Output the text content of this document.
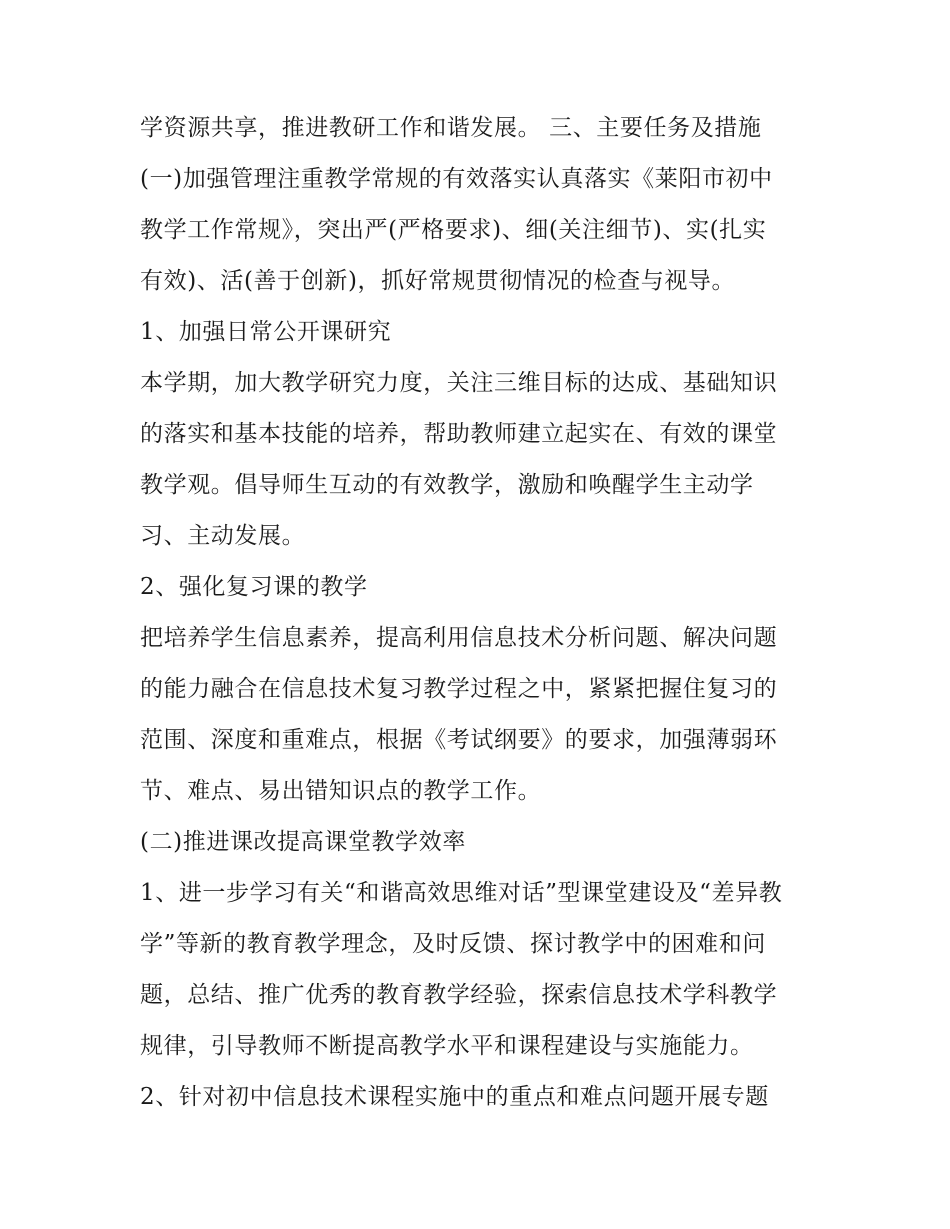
学资源共享，推进教研工作和谐发展。 三、主要任务及措施
(一)加强管理注重教学常规的有效落实认真落实《莱阳市初中
教学工作常规》，突出严(严格要求)、细(关注细节)、实(扎实
有效)、活(善于创新)，抓好常规贯彻情况的检查与视导。
1、加强日常公开课研究
本学期，加大教学研究力度，关注三维目标的达成、基础知识
的落实和基本技能的培养，帮助教师建立起实在、有效的课堂
教学观。倡导师生互动的有效教学，激励和唤醒学生主动学
习、主动发展。
2、强化复习课的教学
把培养学生信息素养，提高利用信息技术分析问题、解决问题
的能力融合在信息技术复习教学过程之中，紧紧把握住复习的
范围、深度和重难点，根据《考试纲要》的要求，加强薄弱环
节、难点、易出错知识点的教学工作。
(二)推进课改提高课堂教学效率
1、进一步学习有关“和谐高效思维对话”型课堂建设及“差异教
学”等新的教育教学理念，及时反馈、探讨教学中的困难和问
题，总结、推广优秀的教育教学经验，探索信息技术学科教学
规律，引导教师不断提高教学水平和课程建设与实施能力。
2、针对初中信息技术课程实施中的重点和难点问题开展专题
